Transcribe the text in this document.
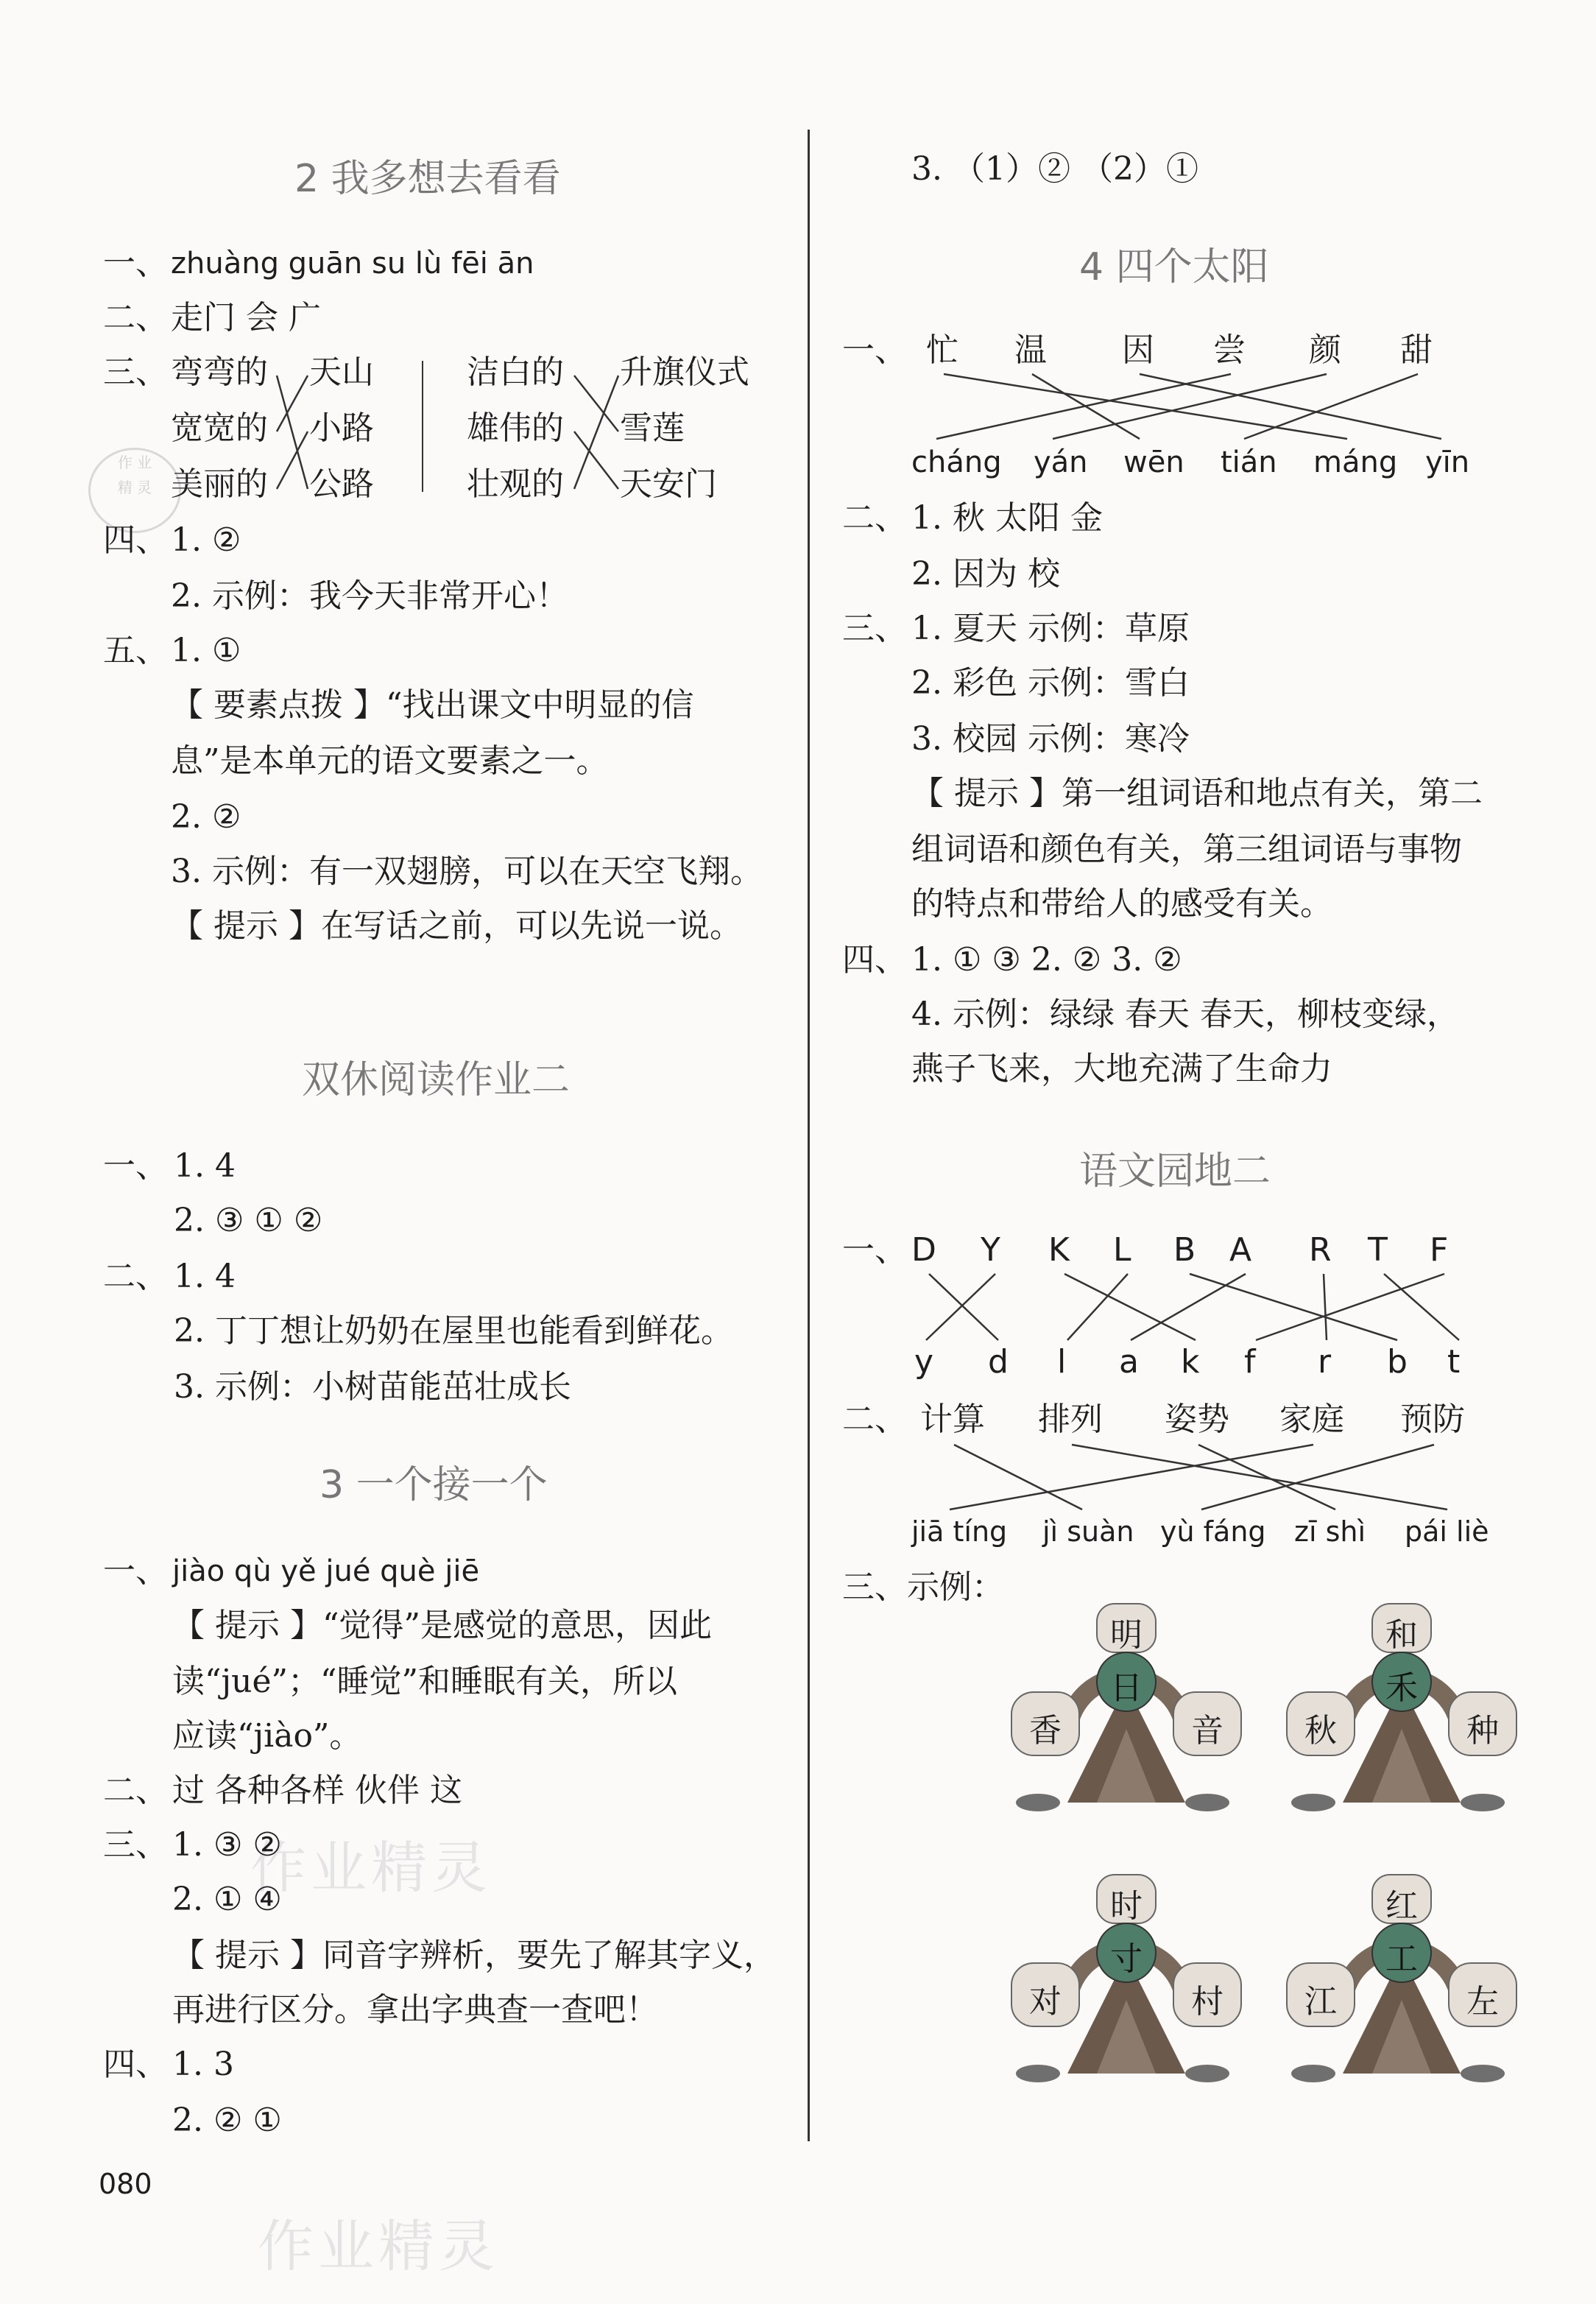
作 业
精 灵
作业精灵
作业精灵
2 我多想去看看
一、 zhuàng guān su lù fēi ān
二、 走门 会 广
三、 弯弯的
宽宽的
美丽的
天山
小路
公路
洁白的
雄伟的
壮观的
升旗仪式
雪莲
天安门
四、 1. ②
2. 示例：我今天非常开心！
五、 1. ①
【 要素点拨 】“找出课文中明显的信
息”是本单元的语文要素之一。
2. ②
3. 示例：有一双翅膀，可以在天空飞翔。
【 提示 】在写话之前，可以先说一说。
双休阅读作业二
一、 1. 4
2. ③ ① ②
二、 1. 4
2. 丁丁想让奶奶在屋里也能看到鲜花。
3. 示例：小树苗能茁壮成长
3 一个接一个
一、 jiào qù yě jué què jiē
【 提示 】“觉得”是感觉的意思，因此
读“jué”；“睡觉”和睡眠有关，所以
应读“jiào”。
二、 过 各种各样 伙伴 这
三、 1. ③ ②
2. ① ④
【 提示 】同音字辨析，要先了解其字义，
再进行区分。拿出字典查一查吧！
四、 1. 3
2. ② ①
080
3. （1）② （2）①
4 四个太阳
一、 忙 温 因 尝 颜 甜
cháng yán wēn tián máng yīn
二、 1. 秋 太阳 金
2. 因为 校
三、 1. 夏天 示例：草原
2. 彩色 示例：雪白
3. 校园 示例：寒冷
【 提示 】第一组词语和地点有关，第二
组词语和颜色有关，第三组词语与事物
的特点和带给人的感受有关。
四、 1. ① ③ 2. ② 3. ②
4. 示例：绿绿 春天 春天，柳枝变绿，
燕子飞来，大地充满了生命力
语文园地二
一、 D Y K L B A R T F
y d l a k f r b t
二、 计算 排列 姿势 家庭 预防
jiā tíng jì suàn yù fáng zī shì pái liè
三、示例：
明
日
香	音
和
禾
秋	种
时
寸
对	村
红
工
江	左
